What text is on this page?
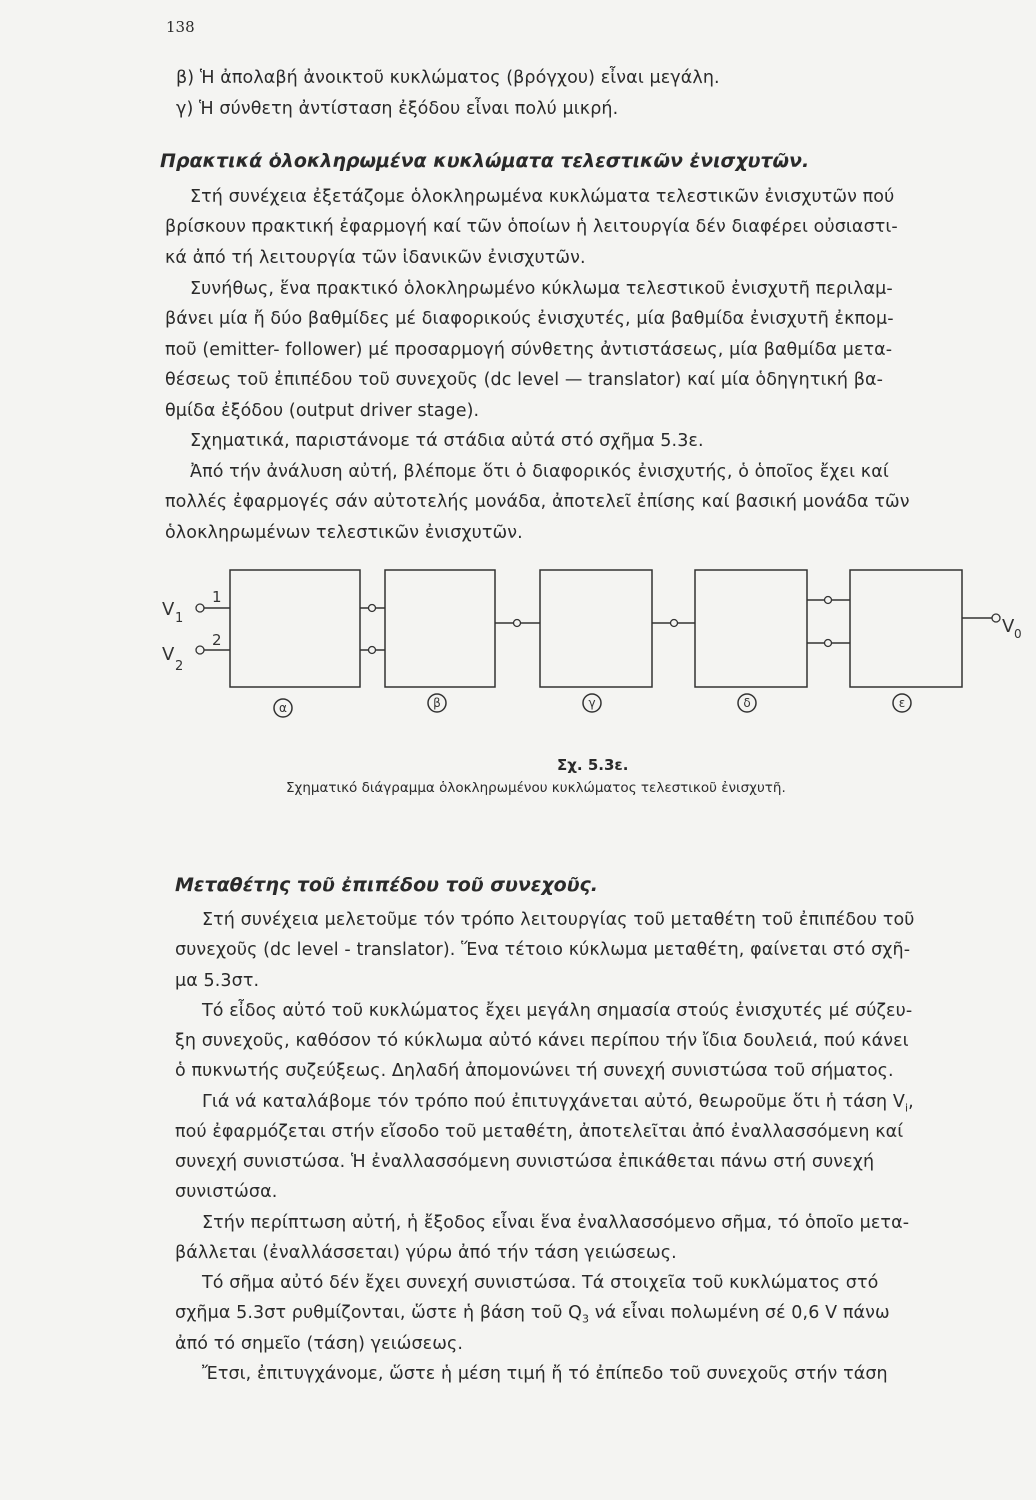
138
β) Ἡ ἀπολαβή ἀνοικτοῦ κυκλώματος (βρόγχου) εἶναι μεγάλη.
γ) Ἡ σύνθετη ἀντίσταση ἐξόδου εἶναι πολύ μικρή.
Πρακτικά ὁλοκληρωμένα κυκλώματα τελεστικῶν ἐνισχυτῶν.
Στή συνέχεια ἐξετάζομε ὁλοκληρωμένα κυκλώματα τελεστικῶν ἐνισχυτῶν πού
βρίσκουν πρακτική ἐφαρμογή καί τῶν ὁποίων ἡ λειτουργία δέν διαφέρει οὐσιαστι-
κά ἀπό τή λειτουργία τῶν ἰδανικῶν ἐνισχυτῶν.
Συνήθως, ἕνα πρακτικό ὁλοκληρωμένο κύκλωμα τελεστικοῦ ἐνισχυτῆ περιλαμ-
βάνει μία ἤ δύο βαθμίδες μέ διαφορικούς ἐνισχυτές, μία βαθμίδα ἐνισχυτῆ ἐκπομ-
ποῦ (emitter- follower) μέ προσαρμογή σύνθετης ἀντιστάσεως, μία βαθμίδα μετα-
θέσεως τοῦ ἐπιπέδου τοῦ συνεχοῦς (dc level — translator) καί μία ὁδηγητική βα-
θμίδα ἐξόδου (output driver stage).
Σχηματικά, παριστάνομε τά στάδια αὐτά στό σχῆμα 5.3ε.
Ἀπό τήν ἀνάλυση αὐτή, βλέπομε ὅτι ὁ διαφορικός ἐνισχυτής, ὁ ὁποῖος ἔχει καί
πολλές ἐφαρμογές σάν αὐτοτελής μονάδα, ἀποτελεῖ ἐπίσης καί βασική μονάδα τῶν
ὁλοκληρωμένων τελεστικῶν ἐνισχυτῶν.
V 1
V
2
1
2
V 0
α	β	γ	δ	ε
Σχ. 5.3ε.
Σχηματικό διάγραμμα ὁλοκληρωμένου κυκλώματος τελεστικοῦ ἐνισχυτῆ.
Μεταθέτης τοῦ ἐπιπέδου τοῦ συνεχοῦς.
Στή συνέχεια μελετοῦμε τόν τρόπο λειτουργίας τοῦ μεταθέτη τοῦ ἐπιπέδου τοῦ
συνεχοῦς (dc level - translator). Ἕνα τέτοιο κύκλωμα μεταθέτη, φαίνεται στό σχῆ-
μα 5.3στ.
Τό εἶδος αὐτό τοῦ κυκλώματος ἔχει μεγάλη σημασία στούς ἐνισχυτές μέ σύζευ-
ξη συνεχοῦς, καθόσον τό κύκλωμα αὐτό κάνει περίπου τήν ἴδια δουλειά, πού κάνει
ὁ πυκνωτής συζεύξεως. Δηλαδή ἀπομονώνει τή συνεχή συνιστώσα τοῦ σήματος.
Γιά νά καταλάβομε τόν τρόπο πού ἐπιτυγχάνεται αὐτό, θεωροῦμε ὅτι ἡ τάση $V_i$,
πού ἐφαρμόζεται στήν εἴσοδο τοῦ μεταθέτη, ἀποτελεῖται ἀπό ἐναλλασσόμενη καί
συνεχή συνιστώσα. Ἡ ἐναλλασσόμενη συνιστώσα ἐπικάθεται πάνω στή συνεχή
συνιστώσα.
Στήν περίπτωση αὐτή, ἡ ἔξοδος εἶναι ἕνα ἐναλλασσόμενο σῆμα, τό ὁποῖο μετα-
βάλλεται (ἐναλλάσσεται) γύρω ἀπό τήν τάση γειώσεως.
Τό σῆμα αὐτό δέν ἔχει συνεχή συνιστώσα. Τά στοιχεῖα τοῦ κυκλώματος στό
σχῆμα 5.3στ ρυθμίζονται, ὥστε ἡ βάση τοῦ $Q_3$ νά εἶναι πολωμένη σέ 0,6 V πάνω
ἀπό τό σημεῖο (τάση) γειώσεως.
Ἔτσι, ἐπιτυγχάνομε, ὥστε ἡ μέση τιμή ἤ τό ἐπίπεδο τοῦ συνεχοῦς στήν τάση
